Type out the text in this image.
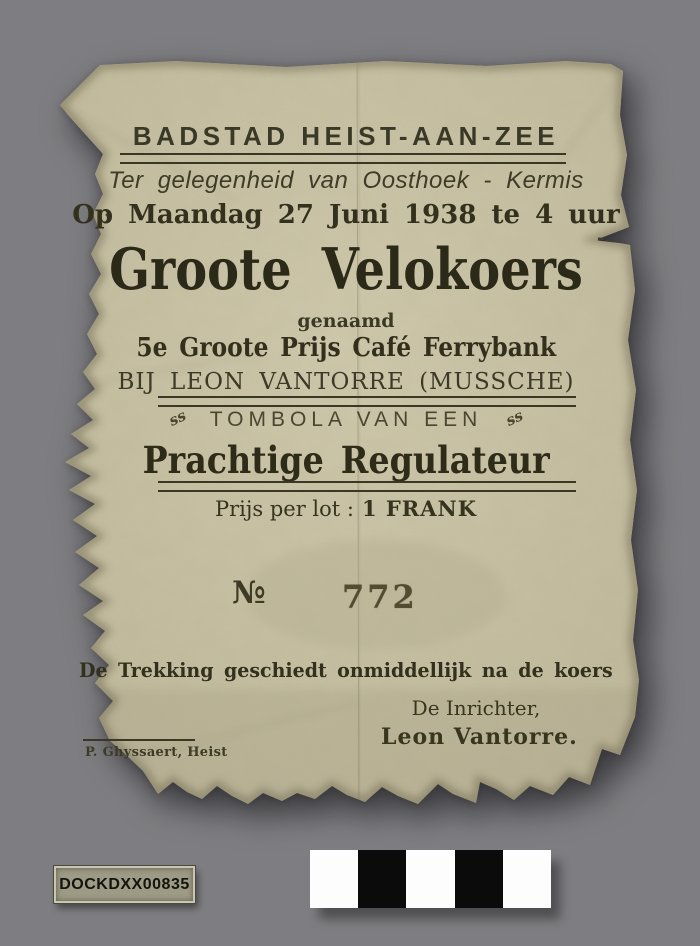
BADSTAD HEIST-AAN-ZEE
Ter gelegenheid van Oosthoek - Kermis
Op Maandag 27 Juni 1938 te 4 uur
Groote Velokoers
genaamd
5e Groote Prijs Café Ferrybank
BIJ LEON VANTORRE (MUSSCHE)
ss TOMBOLA VAN EEN ss
Prachtige Regulateur
Prijs per lot : 1 FRANK
№ 772
De Trekking geschiedt onmiddellijk na de koers
De Inrichter,
Leon Vantorre.
P. Ghyssaert, Heist
DOCKDXX00835
